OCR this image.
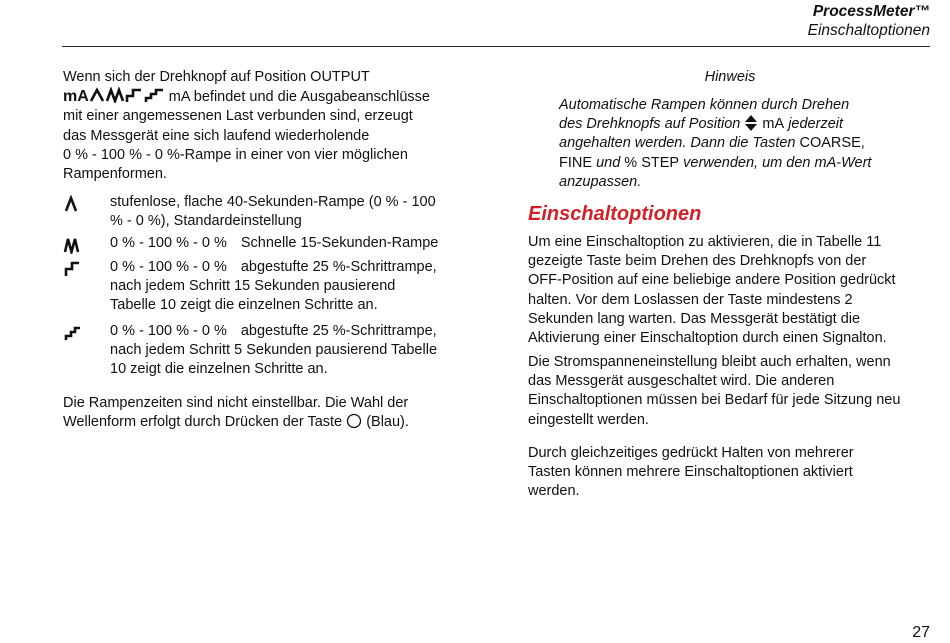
ProcessMeter™
Einschaltoptionen
Wenn sich der Drehknopf auf Position OUTPUT
mA	mA befindet und die Ausgabeanschlüsse
mit einer angemessenen Last verbunden sind, erzeugt
das Messgerät eine sich laufend wiederholende
0 % - 100 % - 0 %-Rampe in einer von vier möglichen
Rampenformen.
stufenlose, flache 40-Sekunden-Rampe (0 % - 100
% - 0 %), Standardeinstellung
0 % - 100 % - 0 % Schnelle 15-Sekunden-Rampe
0 % - 100 % - 0 % abgestufte 25 %-Schrittrampe,
nach jedem Schritt 15 Sekunden pausierend
Tabelle 10 zeigt die einzelnen Schritte an.
0 % - 100 % - 0 % abgestufte 25 %-Schrittrampe,
nach jedem Schritt 5 Sekunden pausierend Tabelle
10 zeigt die einzelnen Schritte an.
Die Rampenzeiten sind nicht einstellbar. Die Wahl der
Wellenform erfolgt durch Drücken der Taste (Blau).
Hinweis
Automatische Rampen können durch Drehen
des Drehknopfs auf Position mA jederzeit
angehalten werden. Dann die Tasten COARSE,
FINE und % STEP verwenden, um den mA-Wert
anzupassen.
Einschaltoptionen
Um eine Einschaltoption zu aktivieren, die in Tabelle 11
gezeigte Taste beim Drehen des Drehknopfs von der
OFF-Position auf eine beliebige andere Position gedrückt
halten. Vor dem Loslassen der Taste mindestens 2
Sekunden lang warten. Das Messgerät bestätigt die
Aktivierung einer Einschaltoption durch einen Signalton.
Die Stromspanneneinstellung bleibt auch erhalten, wenn
das Messgerät ausgeschaltet wird. Die anderen
Einschaltoptionen müssen bei Bedarf für jede Sitzung neu
eingestellt werden.
Durch gleichzeitiges gedrückt Halten von mehrerer
Tasten können mehrere Einschaltoptionen aktiviert
werden.
27
